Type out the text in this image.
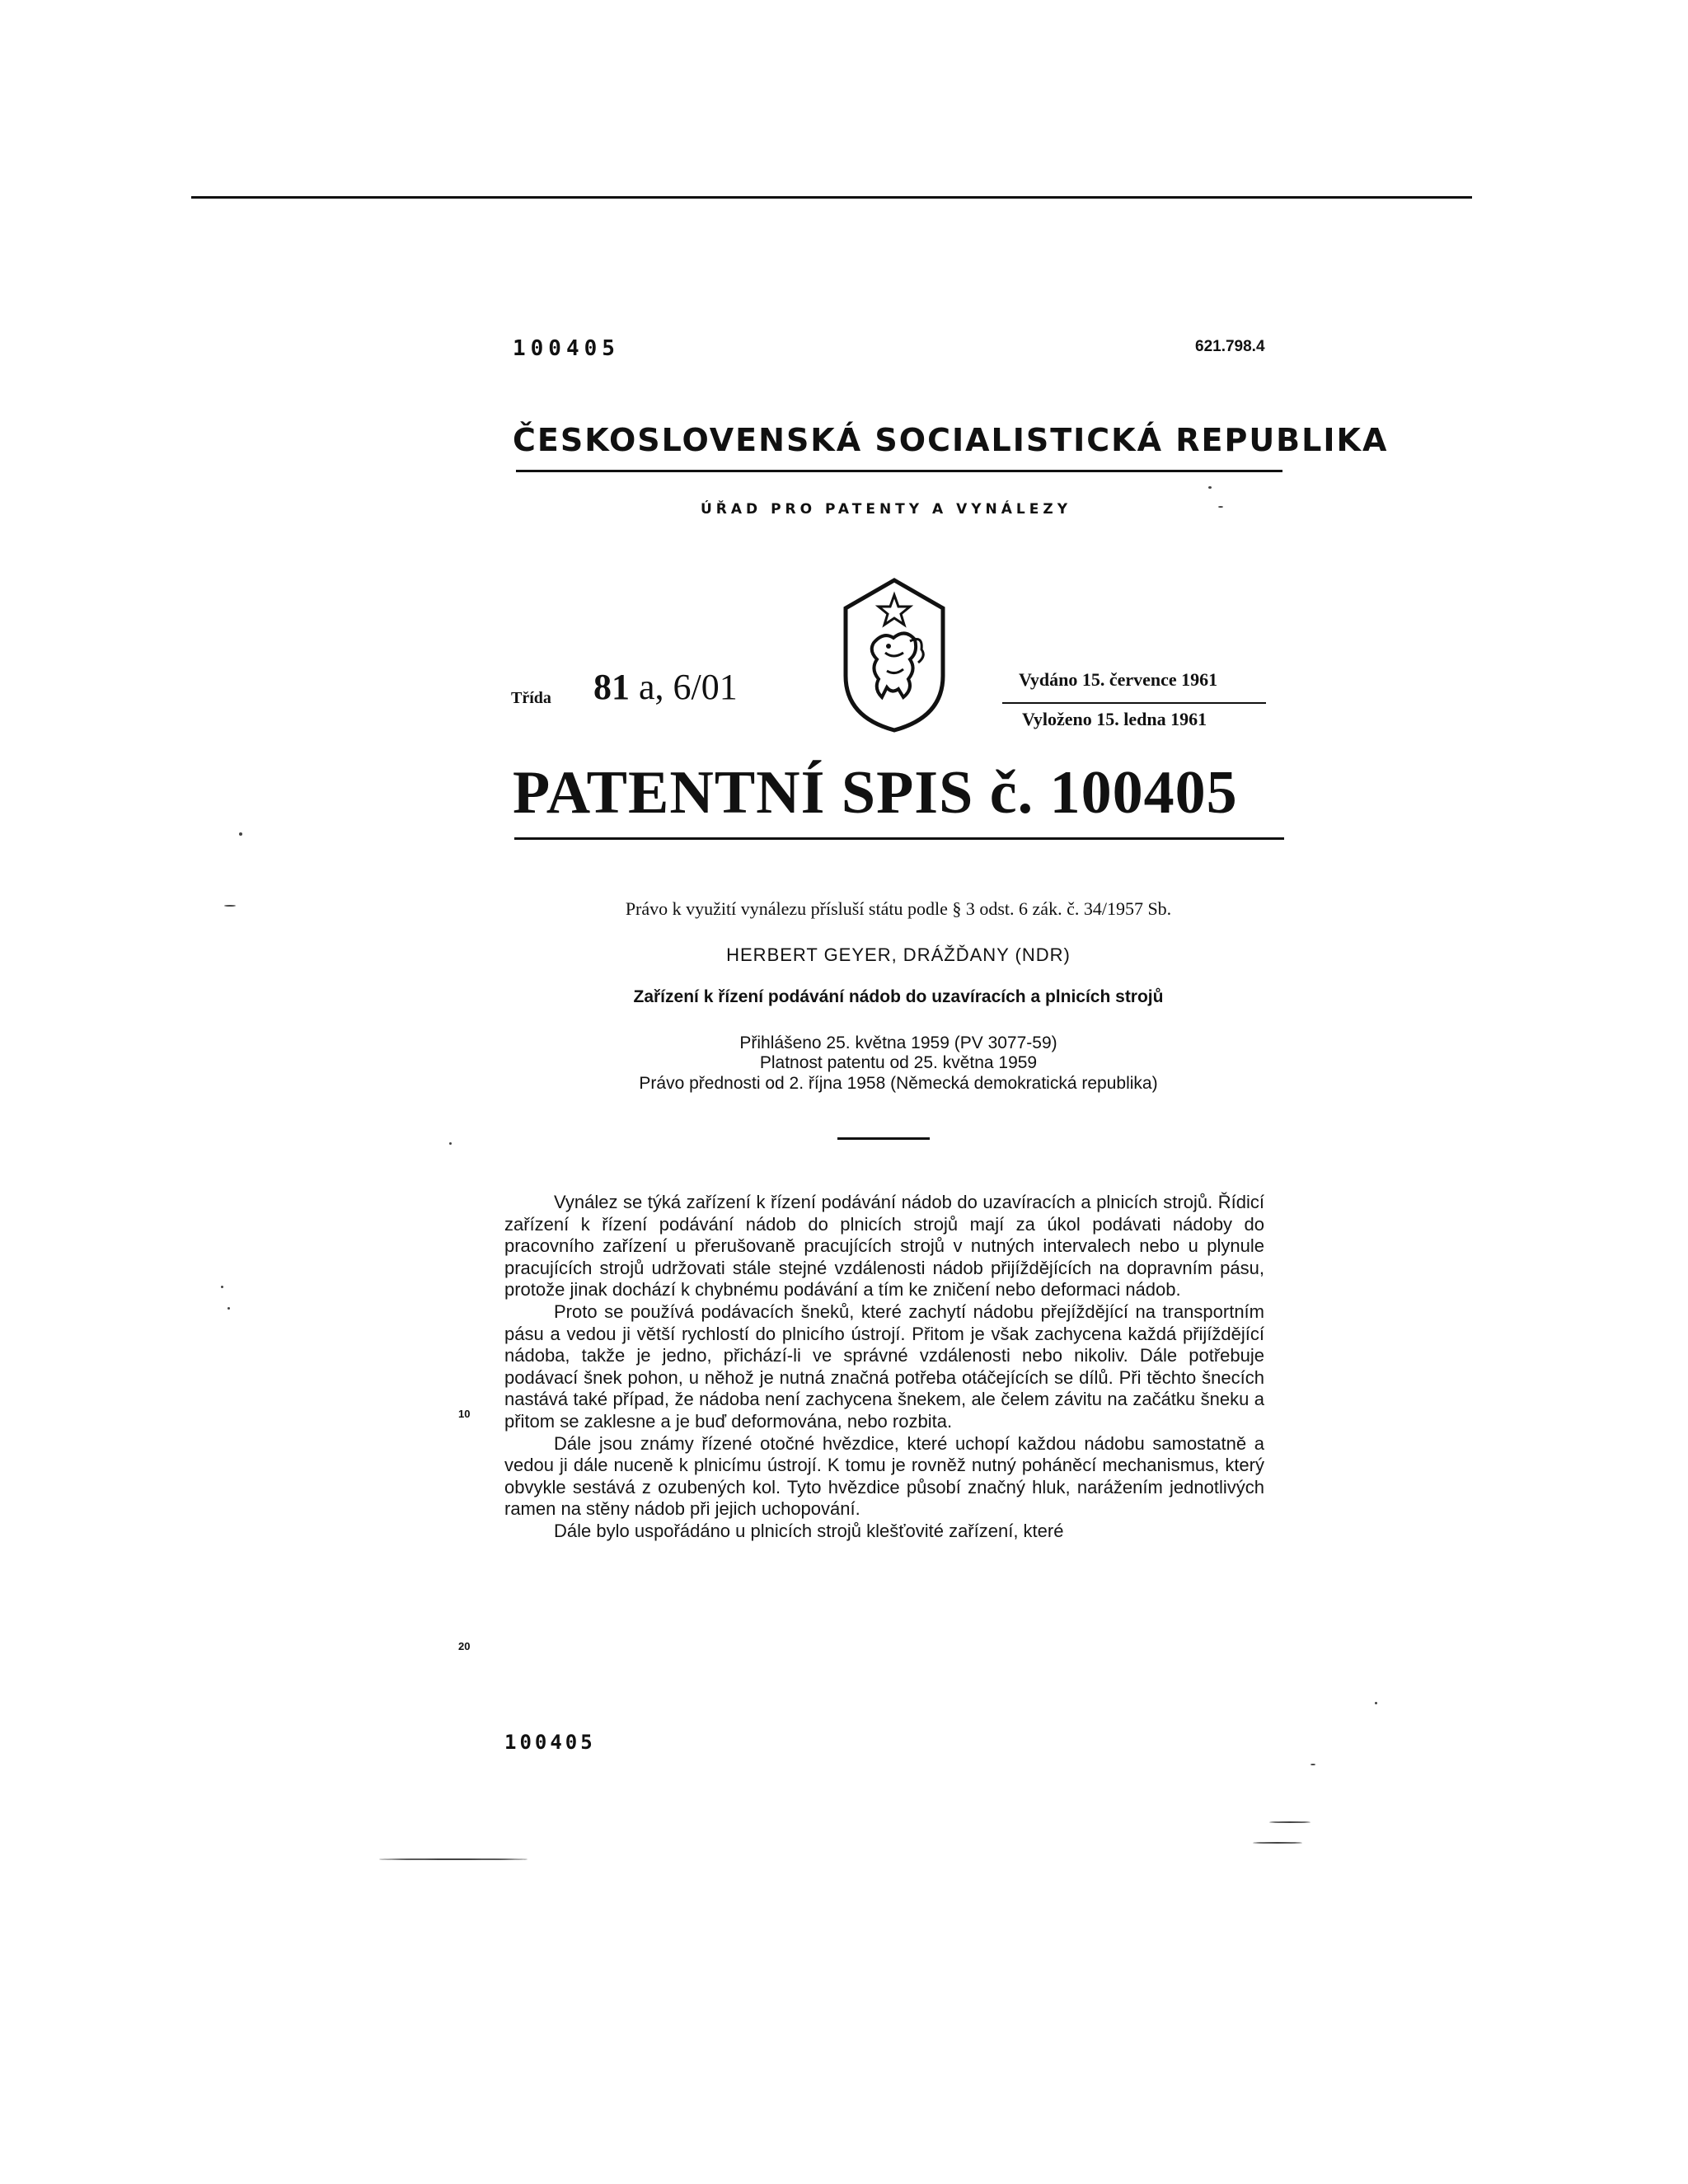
100405	621.798.4
ČESKOSLOVENSKÁ SOCIALISTICKÁ REPUBLIKA
ÚŘAD PRO PATENTY A VYNÁLEZY
Třída 81 a, 6/01	Vydáno 15. července 1961
Vyloženo 15. ledna 1961
PATENTNÍ SPIS č. 100405
Právo k využití vynálezu přísluší státu podle § 3 odst. 6 zák. č. 34/1957 Sb.
HERBERT GEYER, DRÁŽĎANY (NDR)
Zařízení k řízení podávání nádob do uzavíracích a plnicích strojů
Přihlášeno 25. května 1959 (PV 3077-59)
Platnost patentu od 25. května 1959
Právo přednosti od 2. října 1958 (Německá demokratická republika)

Vynález se týká zařízení k řízení podávání nádob do uzavíracích a plnicích strojů. Řídicí zařízení k řízení podávání nádob do plnicích strojů mají za úkol podávati nádoby do pracovního zařízení u přerušovaně pracujících strojů v nutných intervalech nebo u plynule pracujících strojů udržovati stále stejné vzdálenosti nádob přijíždějících na dopravním pásu, protože jinak dochází k chybnému podávání a tím ke zničení nebo deformaci nádob.

Proto se používá podávacích šneků, které zachytí nádobu přejíždějící na transportním pásu a vedou ji větší rychlostí do plnicího ústrojí. Přitom je však zachycena každá přijíždějící nádoba, takže je jedno, přichází-li ve správné vzdálenosti nebo nikoliv. Dále potřebuje podávací šnek pohon, u něhož je nutná značná potřeba otáčejících se dílů. Při těchto šnecích nastává také případ, že nádoba není zachycena šnekem, ale čelem závitu na začátku šneku a přitom se zaklesne a je buď deformována, nebo rozbita.

Dále jsou známy řízené otočné hvězdice, které uchopí každou nádobu samostatně a vedou ji dále nuceně k plnicímu ústrojí. K tomu je rovněž nutný poháněcí mechanismus, který obvykle sestává z ozubených kol. Tyto hvězdice působí značný hluk, narážením jednotlivých ramen na stěny nádob při jejich uchopování.

Dále bylo uspořádáno u plnicích strojů klešťovité zařízení, které

10
20
100405
